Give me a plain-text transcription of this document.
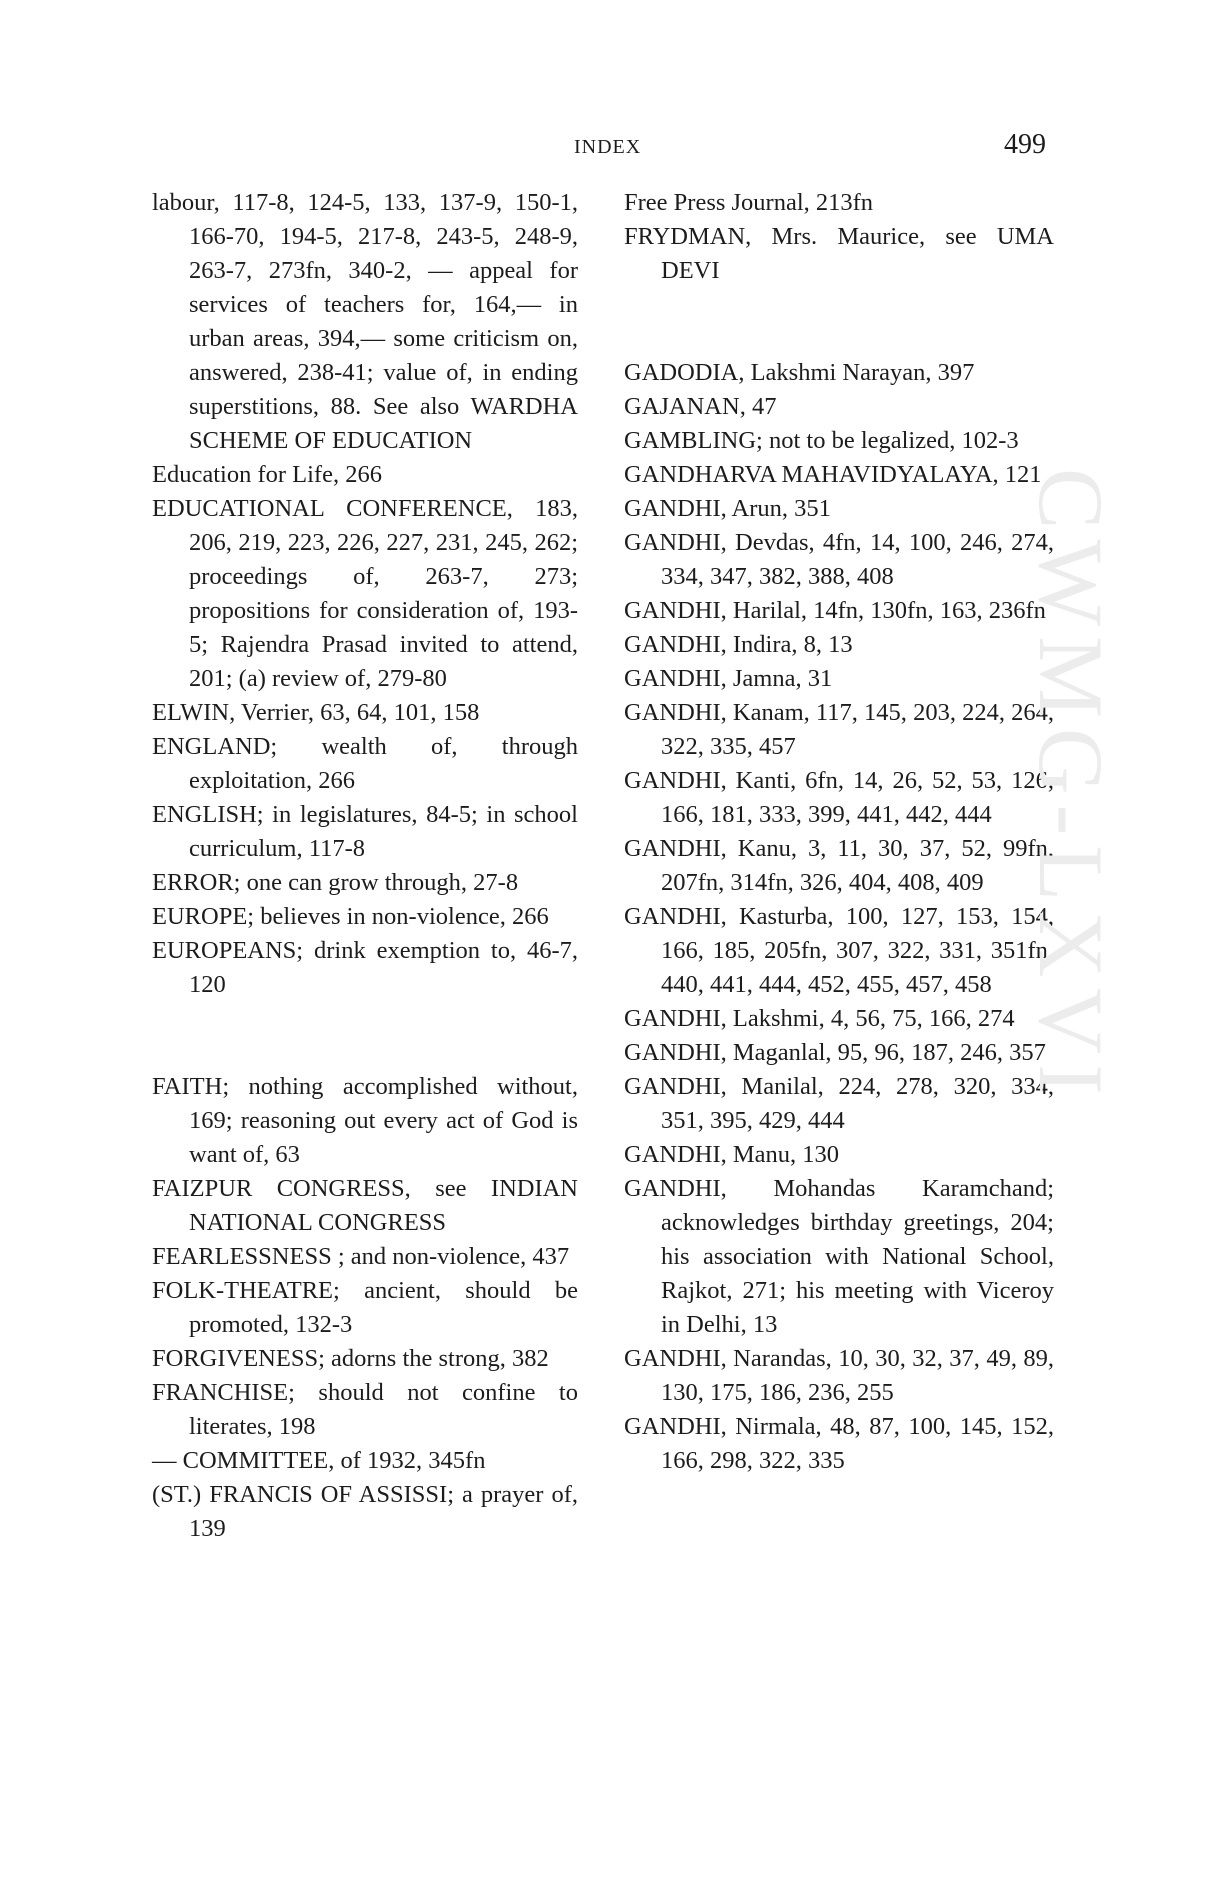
INDEX	499

labour, 117-8, 124-5, 133, 137-9, 150-1, 166-70, 194-5, 217-8, 243-5, 248-9, 263-7, 273fn, 340-2, — appeal for services of teachers for, 164,— in urban areas, 394,— some criticism on, answered, 238-41; value of, in ending superstitions, 88. See also WARDHA SCHEME OF EDUCATION

Education for Life, 266

EDUCATIONAL CONFERENCE, 183, 206, 219, 223, 226, 227, 231, 245, 262; proceedings of, 263-7, 273; propositions for consideration of, 193-5; Rajendra Prasad invited to attend, 201; (a) review of, 279-80

ELWIN, Verrier, 63, 64, 101, 158

ENGLAND; wealth of, through exploitation, 266

ENGLISH; in legislatures, 84-5; in school curriculum, 117-8

ERROR; one can grow through, 27-8

EUROPE; believes in non-violence, 266

EUROPEANS; drink exemption to, 46-7, 120

FAITH; nothing accomplished without, 169; reasoning out every act of God is want of, 63

FAIZPUR CONGRESS, see INDIAN NATIONAL CONGRESS

FEARLESSNESS ; and non-violence, 437

FOLK-THEATRE; ancient, should be promoted, 132-3

FORGIVENESS; adorns the strong, 382

FRANCHISE; should not confine to literates, 198

— COMMITTEE, of 1932, 345fn

(ST.) FRANCIS OF ASSISSI; a prayer of, 139

Free Press Journal, 213fn

FRYDMAN, Mrs. Maurice, see UMA DEVI

GADODIA, Lakshmi Narayan, 397

GAJANAN, 47

GAMBLING; not to be legalized, 102-3

GANDHARVA MAHAVIDYALAYA, 121

GANDHI, Arun, 351

GANDHI, Devdas, 4fn, 14, 100, 246, 274, 334, 347, 382, 388, 408

GANDHI, Harilal, 14fn, 130fn, 163, 236fn

GANDHI, Indira, 8, 13

GANDHI, Jamna, 31

GANDHI, Kanam, 117, 145, 203, 224, 264, 322, 335, 457

GANDHI, Kanti, 6fn, 14, 26, 52, 53, 126, 166, 181, 333, 399, 441, 442, 444

GANDHI, Kanu, 3, 11, 30, 37, 52, 99fn, 207fn, 314fn, 326, 404, 408, 409

GANDHI, Kasturba, 100, 127, 153, 154, 166, 185, 205fn, 307, 322, 331, 351fn, 440, 441, 444, 452, 455, 457, 458

GANDHI, Lakshmi, 4, 56, 75, 166, 274

GANDHI, Maganlal, 95, 96, 187, 246, 357

GANDHI, Manilal, 224, 278, 320, 334, 351, 395, 429, 444

GANDHI, Manu, 130

GANDHI, Mohandas Karamchand; acknowledges birthday greetings, 204; his association with National School, Rajkot, 271; his meeting with Viceroy in Delhi, 13

GANDHI, Narandas, 10, 30, 32, 37, 49, 89, 130, 175, 186, 236, 255

GANDHI, Nirmala, 48, 87, 100, 145, 152, 166, 298, 322, 335

CWMG-LXVI
